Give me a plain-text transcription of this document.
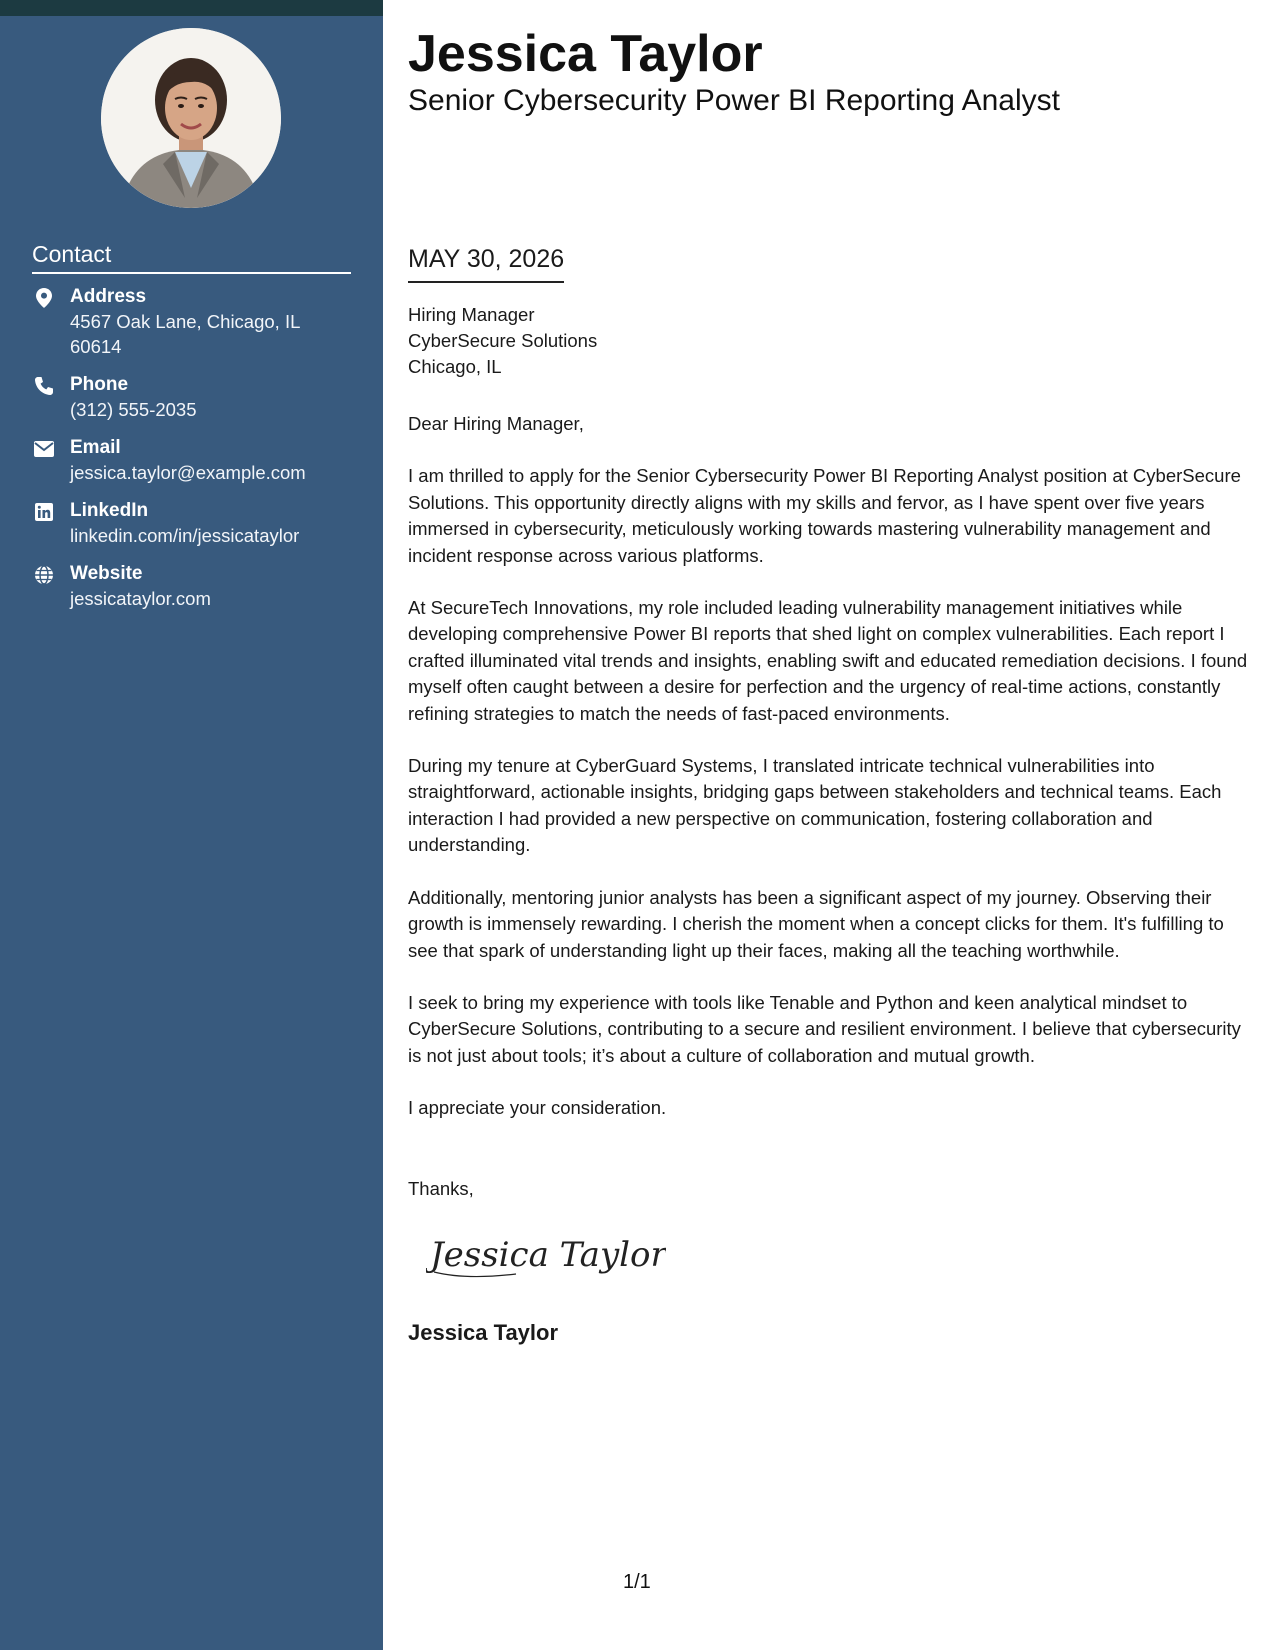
Contact
Address
4567 Oak Lane, Chicago, IL 60614
Phone
(312) 555-2035
Email
jessica.taylor@example.com
LinkedIn
linkedin.com/in/jessicataylor
Website
jessicataylor.com
Jessica Taylor
Senior Cybersecurity Power BI Reporting Analyst
MAY 30, 2026
Hiring Manager
CyberSecure Solutions
Chicago, IL

Dear Hiring Manager,

I am thrilled to apply for the Senior Cybersecurity Power BI Reporting Analyst position at CyberSecure Solutions. This opportunity directly aligns with my skills and fervor, as I have spent over five years immersed in cybersecurity, meticulously working towards mastering vulnerability management and incident response across various platforms.

At SecureTech Innovations, my role included leading vulnerability management initiatives while developing comprehensive Power BI reports that shed light on complex vulnerabilities. Each report I crafted illuminated vital trends and insights, enabling swift and educated remediation decisions. I found myself often caught between a desire for perfection and the urgency of real-time actions, constantly refining strategies to match the needs of fast-paced environments.

During my tenure at CyberGuard Systems, I translated intricate technical vulnerabilities into straightforward, actionable insights, bridging gaps between stakeholders and technical teams. Each interaction I had provided a new perspective on communication, fostering collaboration and understanding.

Additionally, mentoring junior analysts has been a significant aspect of my journey. Observing their growth is immensely rewarding. I cherish the moment when a concept clicks for them. It's fulfilling to see that spark of understanding light up their faces, making all the teaching worthwhile.

I seek to bring my experience with tools like Tenable and Python and keen analytical mindset to CyberSecure Solutions, contributing to a secure and resilient environment. I believe that cybersecurity is not just about tools; it’s about a culture of collaboration and mutual growth.

I appreciate your consideration.

Thanks,
Jessica Taylor
Jessica Taylor
1/1
